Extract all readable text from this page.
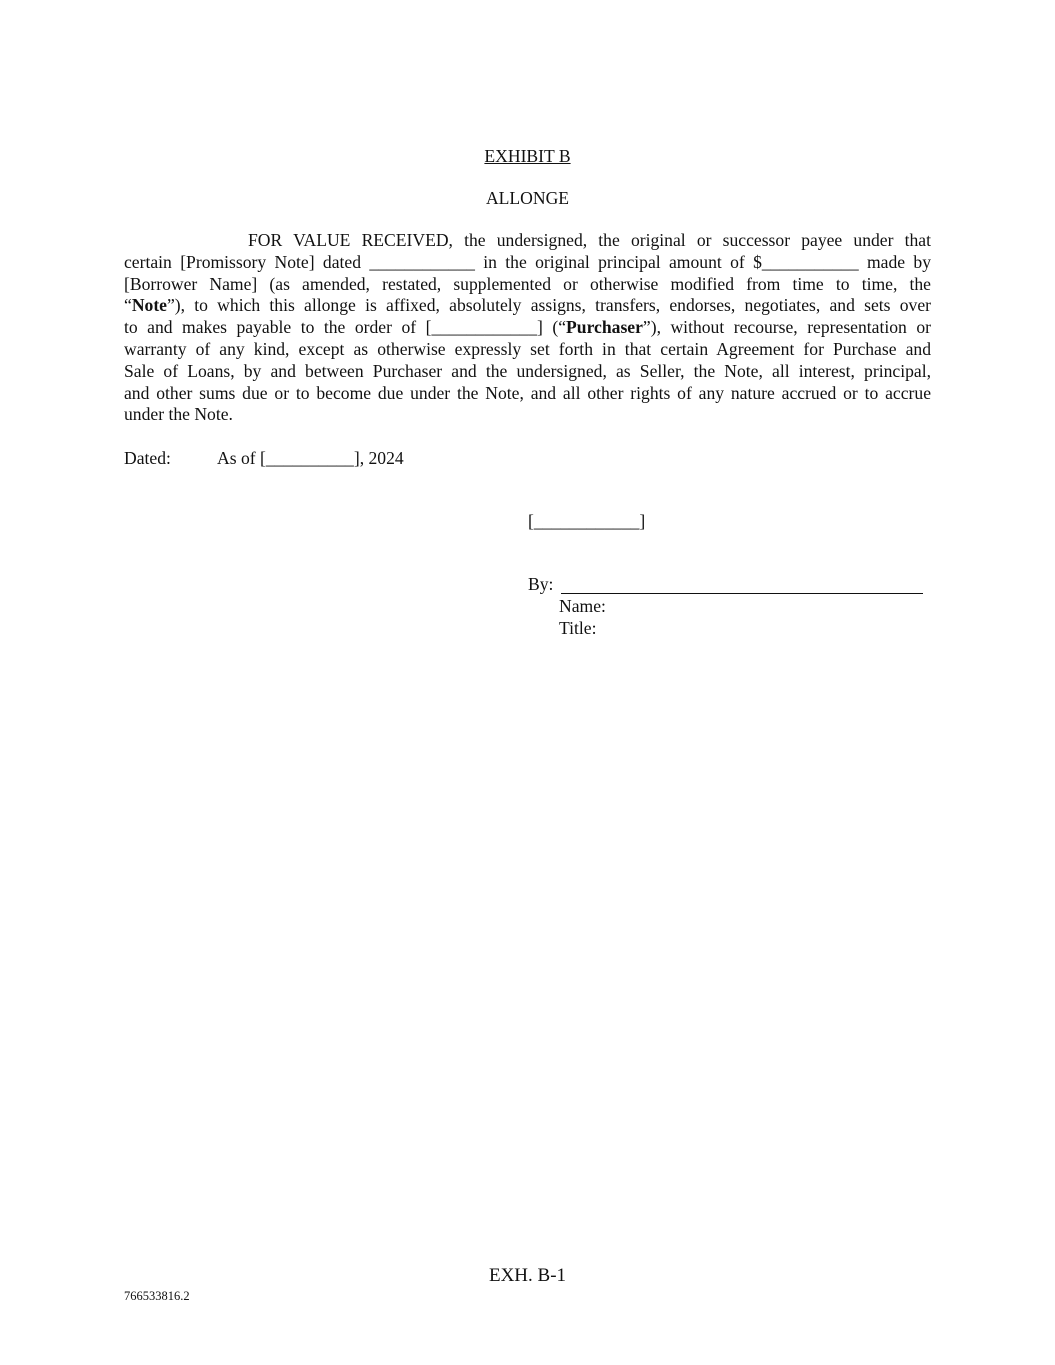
EXHIBIT B
ALLONGE
FOR VALUE RECEIVED, the undersigned, the original or successor payee under that
certain [Promissory Note] dated ____________ in the original principal amount of $___________ made by
[Borrower Name] (as amended, restated, supplemented or otherwise modified from time to time, the
“Note”), to which this allonge is affixed, absolutely assigns, transfers, endorses, negotiates, and sets over
to and makes payable to the order of [____________] (“Purchaser”), without recourse, representation or
warranty of any kind, except as otherwise expressly set forth in that certain Agreement for Purchase and
Sale of Loans, by and between Purchaser and the undersigned, as Seller, the Note, all interest, principal,
and other sums due or to become due under the Note, and all other rights of any nature accrued or to accrue
under the Note.
Dated:	As of [__________], 2024
[____________]
By:
Name:
Title:
EXH. B-1
766533816.2
